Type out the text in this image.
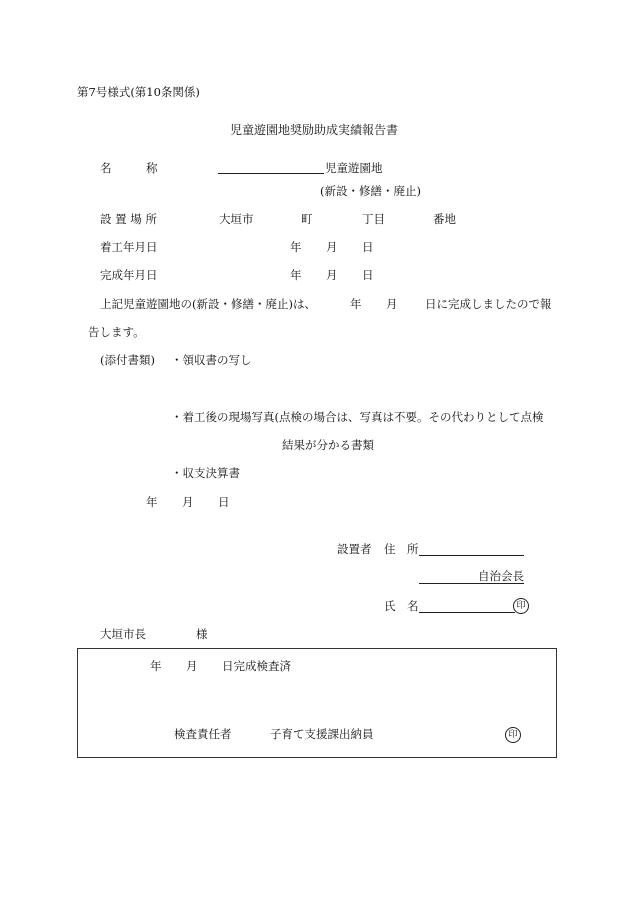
第7号様式(第10条関係)
児童遊園地奨励助成実績報告書
名　　　称	児童遊園地
(新設・修繕・廃止)
設 置 場 所	大垣市	町	丁目	番地
着工年月日	年 月 日
完成年月日	年 月 日
上記児童遊園地の(新設・修繕・廃止)は、	年 月 日に完成しましたので報
告します。
(添付書類) ・領収書の写し
・着工後の現場写真(点検の場合は、写真は不要。その代わりとして点検
結果が分かる書類
・収支決算書
年 月 日
設置者 住　所
自治会長
氏　名	印
大垣市長	様
年 月 日完成検査済
検査責任者	子育て支援課出納員	印
